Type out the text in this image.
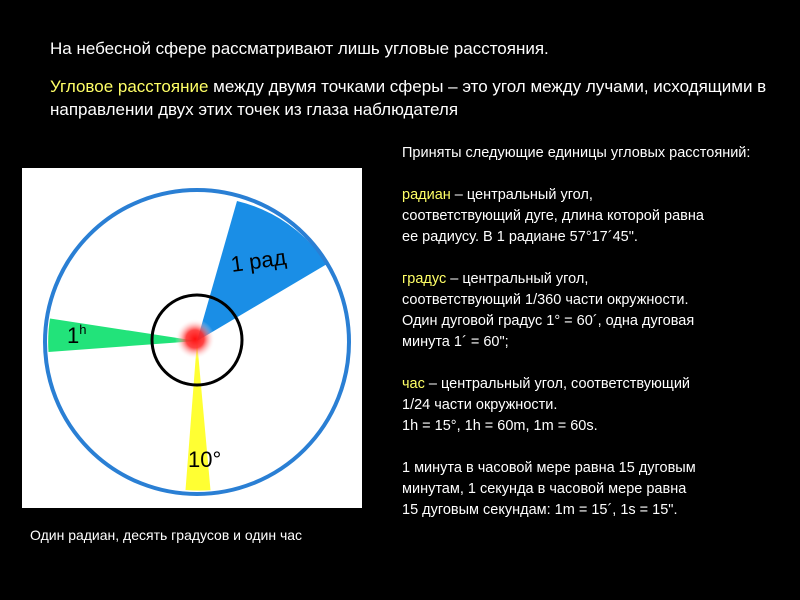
На небесной сфере рассматривают лишь угловые расстояния.

Угловое расстояние между двумя точками сферы – это угол между лучами, исходящими в направлении двух этих точек из глаза наблюдателя

1 рад
1$^h$
10°

Один радиан, десять градусов и один час

Приняты следующие единицы угловых расстояний:

радиан – центральный угол,

соответствующий дуге, длина которой равна

ее радиусу. В 1 радиане 57°17´45".

градус – центральный угол,

соответствующий 1/360 части окружности.

Один дуговой градус 1° = 60´, одна дуговая

минута 1´ = 60";

час – центральный угол, соответствующий

1/24 части окружности.

1h = 15°, 1h = 60m, 1m = 60s.

1 минута в часовой мере равна 15 дуговым

минутам, 1 секунда в часовой мере равна

15 дуговым секундам: 1m = 15´, 1s = 15".
